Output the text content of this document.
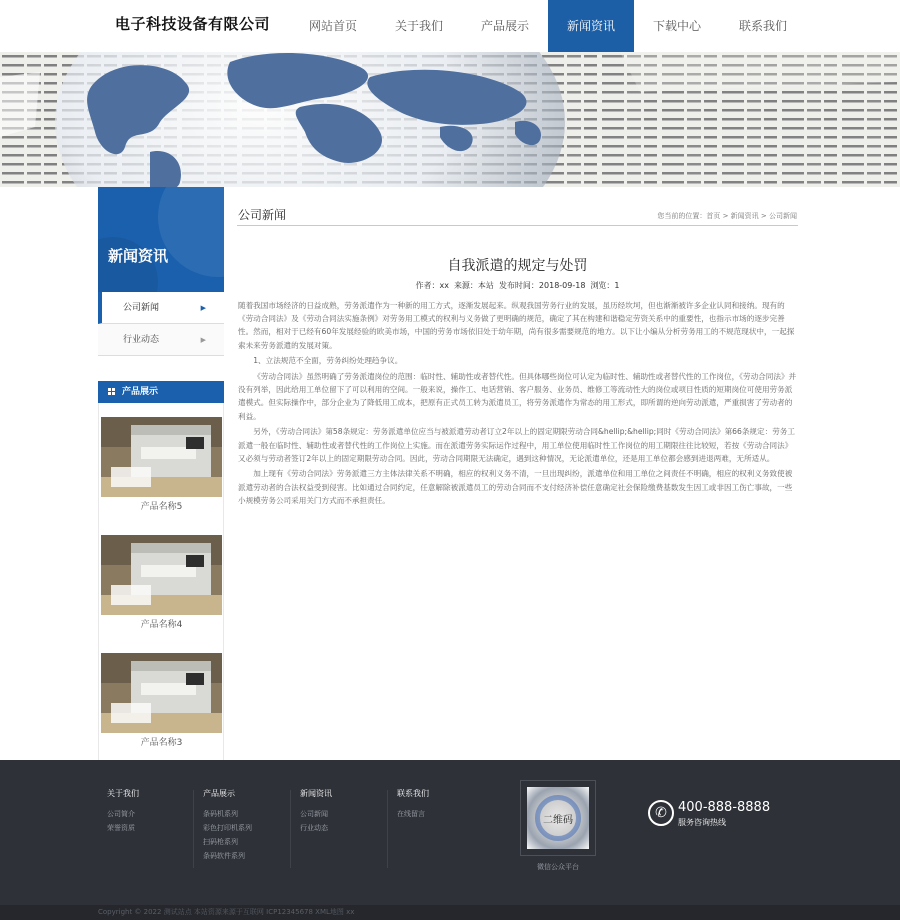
电子科技设备有限公司	网站首页	关于我们	产品展示	新闻资讯	下载中心	联系我们
新闻资讯
公司新闻	▶
行业动态	▶
产品展示
产品名称5
产品名称4
产品名称3
公司新闻	您当前的位置：首页 > 新闻资讯 > 公司新闻
自我派遣的规定与处罚
作者：xx 来源：本站 发布时间：2018-09-18 浏览：1

随着我国市场经济的日益成熟，劳务派遣作为一种新的用工方式，逐渐发展起来。纵观我国劳务行业的发展，虽历经坎坷，但也渐渐被许多企业认同和接纳。现有的《劳动合同法》及《劳动合同法实施条例》对劳务用工模式的权利与义务做了更明确的规范，确定了其在构建和谐稳定劳资关系中的重要性，也指示市场的逐步完善性。然而，相对于已经有60年发展经验的欧美市场，中国的劳务市场依旧处于幼年期，尚有很多需要规范的地方。以下让小编从分析劳务用工的不规范现状中，一起探索未来劳务派遣的发展对策。

1、立法规范不全面，劳务纠纷处理趋争议。

《劳动合同法》虽然明确了劳务派遣岗位的范围：临时性、辅助性或者替代性。但具体哪些岗位可认定为临时性、辅助性或者替代性的工作岗位，《劳动合同法》并没有列举，因此给用工单位留下了可以利用的空间。一般来说，操作工、电话营销、客户服务、业务员、维修工等流动性大的岗位或项目性质的短期岗位可使用劳务派遣模式。但实际操作中，部分企业为了降低用工成本，把原有正式员工转为派遣员工，将劳务派遣作为常态的用工形式，即所谓的逆向劳动派遣，严重损害了劳动者的利益。

另外，《劳动合同法》第58条规定：劳务派遣单位应当与被派遣劳动者订立2年以上的固定期限劳动合同&hellip;&hellip;同时《劳动合同法》第66条规定：劳务工派遣一般在临时性、辅助性或者替代性的工作岗位上实施。而在派遣劳务实际运作过程中，用工单位使用临时性工作岗位的用工期限往往比较短，若按《劳动合同法》又必须与劳动者签订2年以上的固定期限劳动合同。因此，劳动合同期限无法确定，遇到这种情况，无论派遣单位，还是用工单位都会感到进退两难，无所适从。

加上现有《劳动合同法》劳务派遣三方主体法律关系不明确，相应的权利义务不清，一旦出现纠纷，派遣单位和用工单位之间责任不明确，相应的权利义务致使被派遣劳动者的合法权益受到侵害。比如通过合同约定，任意解除被派遣员工的劳动合同而不支付经济补偿任意确定社会保险缴费基数发生因工或非因工伤亡事故，一些小规模劳务公司采用关门方式而不承担责任。

关于我们
公司简介
荣誉资质
产品展示
条码机系列
彩色打印机系列
扫码枪系列
条码软件系列
新闻资讯
公司新闻
行业动态
联系我们
在线留言
二维码
微信公众平台
✆ 400-888-8888
服务咨询热线
Copyright © 2022 测试站点 本站资源来源于互联网 ICP12345678 XML地图 xx
